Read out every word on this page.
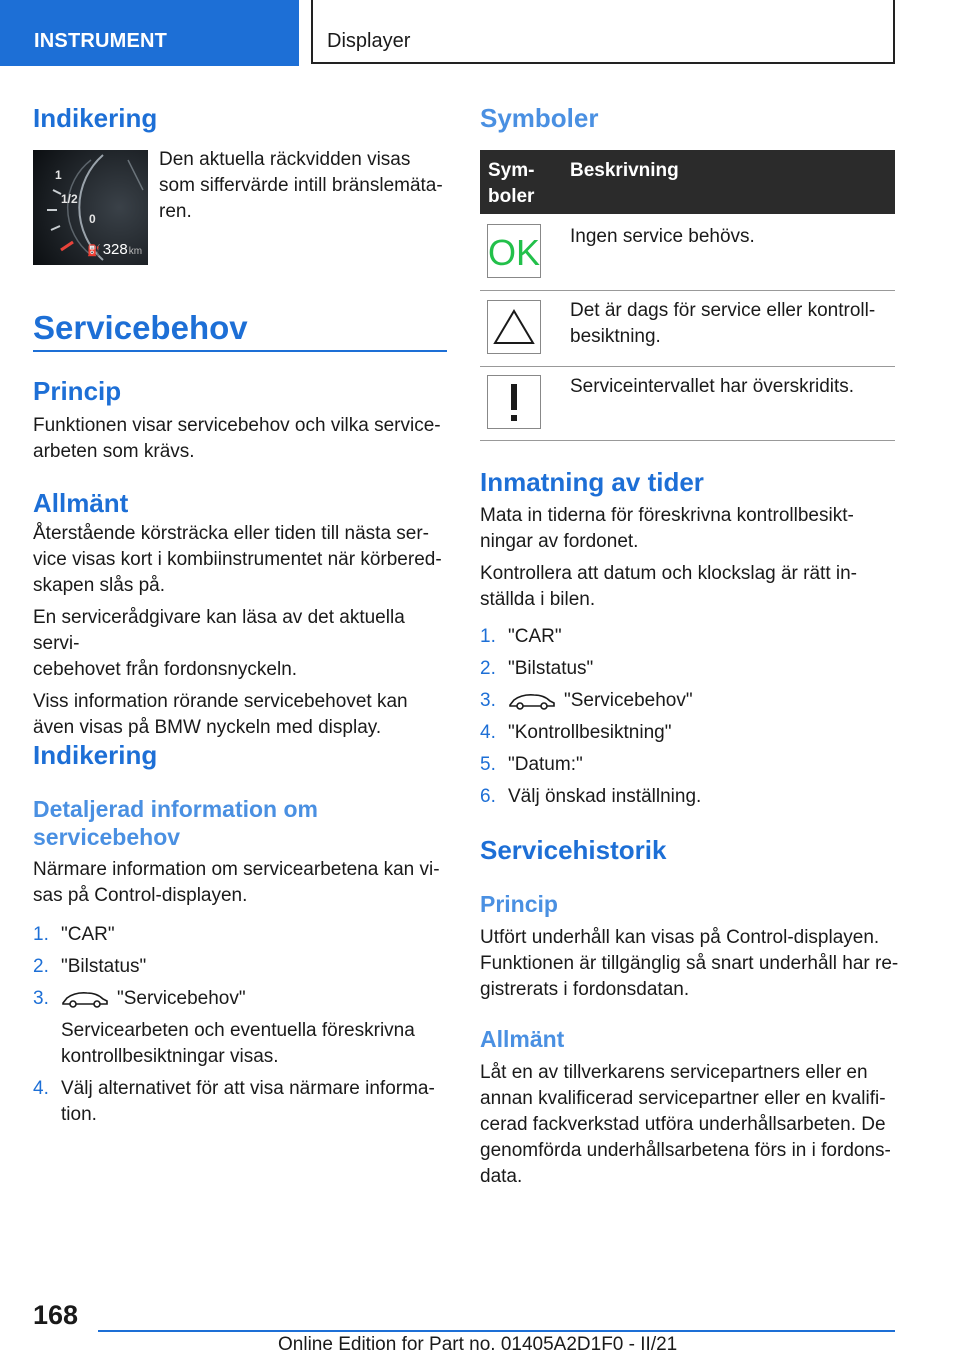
INSTRUMENT	Displayer
Indikering
1
1/2
0
⛽ 328km

Den aktuella räckvidden visas

som siffervärde intill bränslemäta-

ren.

Servicebehov
Princip

Funktionen visar servicebehov och vilka service-

arbeten som krävs.

Allmänt

Återstående körsträcka eller tiden till nästa ser-

vice visas kort i kombiinstrumentet när körbered-

skapen slås på.

En servicerådgivare kan läsa av det aktuella servi-

cebehovet från fordonsnyckeln.

Viss information rörande servicebehovet kan

även visas på BMW nyckeln med display.

Indikering

Detaljerad information om

servicebehov

Närmare information om servicearbetena kan vi-

sas på Control-displayen.

1. "CAR"
2. "Bilstatus"
3.	"Servicebehov"
Servicearbeten och eventuella föreskrivna
kontrollbesiktningar visas.
4. Välj alternativet för att visa närmare informa-
tion.
Symboler
Sym-
boler
Beskrivning
OK Ingen service behövs.
Det är dags för service eller kontroll-
besiktning.
Serviceintervallet har överskridits.
Inmatning av tider

Mata in tiderna för föreskrivna kontrollbesikt-

ningar av fordonet.

Kontrollera att datum och klockslag är rätt in-

ställda i bilen.

1. "CAR"
2. "Bilstatus"
3.	"Servicebehov"
4. "Kontrollbesiktning"
5. "Datum:"
6. Välj önskad inställning.
Servicehistorik
Princip

Utfört underhåll kan visas på Control-displayen.

Funktionen är tillgänglig så snart underhåll har re-

gistrerats i fordonsdatan.

Allmänt

Låt en av tillverkarens servicepartners eller en

annan kvalificerad servicepartner eller en kvalifi-

cerad fackverkstad utföra underhållsarbeten. De

genomförda underhållsarbetena förs in i fordons-

data.

168
Online Edition for Part no. 01405A2D1F0 - II/21
